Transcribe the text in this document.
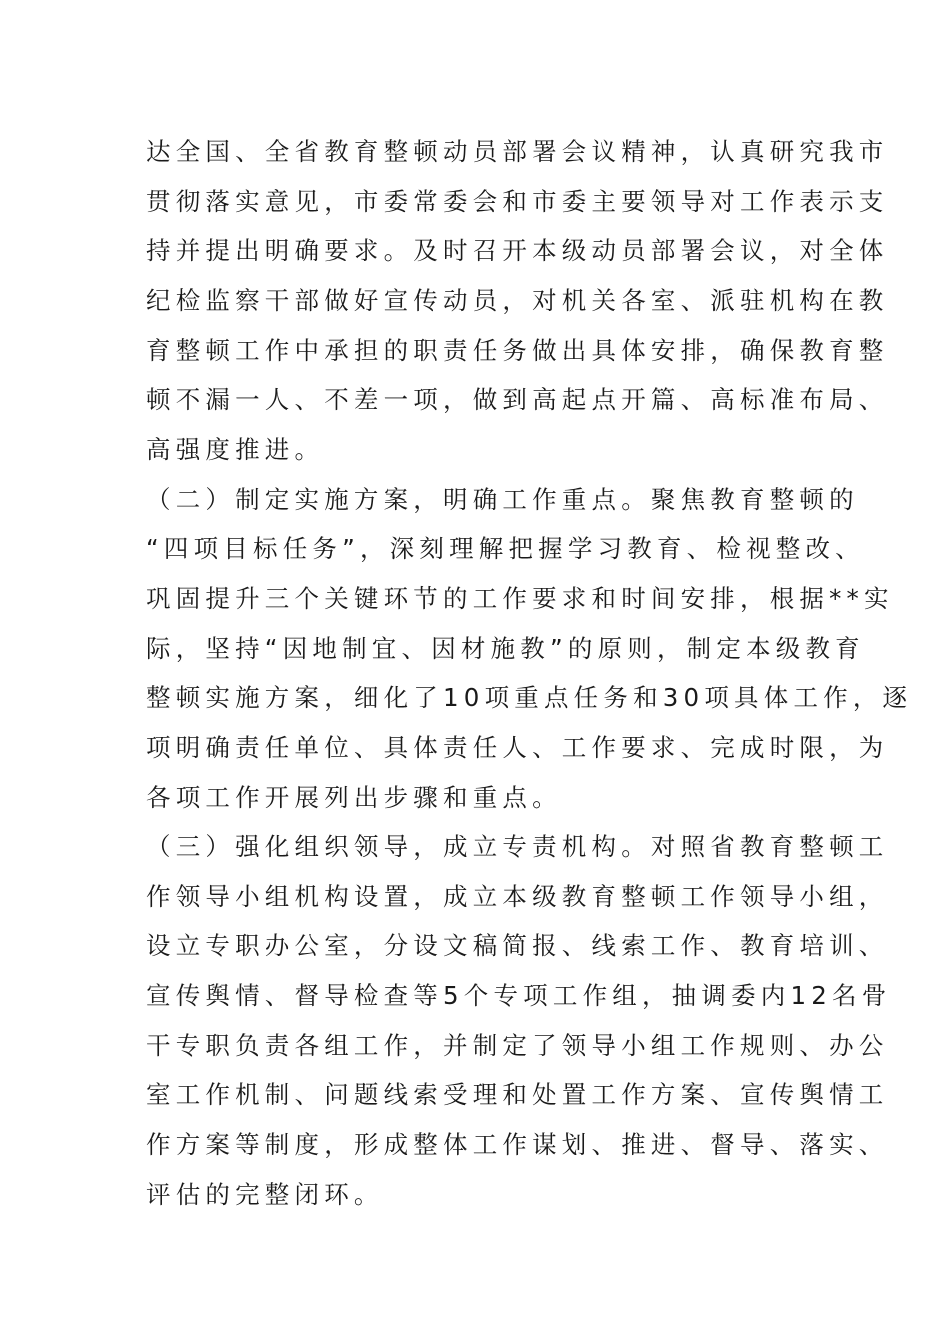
达全国、全省教育整顿动员部署会议精神，认真研究我市
贯彻落实意见，市委常委会和市委主要领导对工作表示支
持并提出明确要求。及时召开本级动员部署会议，对全体
纪检监察干部做好宣传动员，对机关各室、派驻机构在教
育整顿工作中承担的职责任务做出具体安排，确保教育整
顿不漏一人、不差一项，做到高起点开篇、高标准布局、
高强度推进。
（二）制定实施方案，明确工作重点。聚焦教育整顿的
“四项目标任务”，深刻理解把握学习教育、检视整改、
巩固提升三个关键环节的工作要求和时间安排，根据**实
际，坚持“因地制宜、因材施教”的原则，制定本级教育
整顿实施方案，细化了10项重点任务和30项具体工作，逐
项明确责任单位、具体责任人、工作要求、完成时限，为
各项工作开展列出步骤和重点。
（三）强化组织领导，成立专责机构。对照省教育整顿工
作领导小组机构设置，成立本级教育整顿工作领导小组，
设立专职办公室，分设文稿简报、线索工作、教育培训、
宣传舆情、督导检查等5个专项工作组，抽调委内12名骨
干专职负责各组工作，并制定了领导小组工作规则、办公
室工作机制、问题线索受理和处置工作方案、宣传舆情工
作方案等制度，形成整体工作谋划、推进、督导、落实、
评估的完整闭环。
